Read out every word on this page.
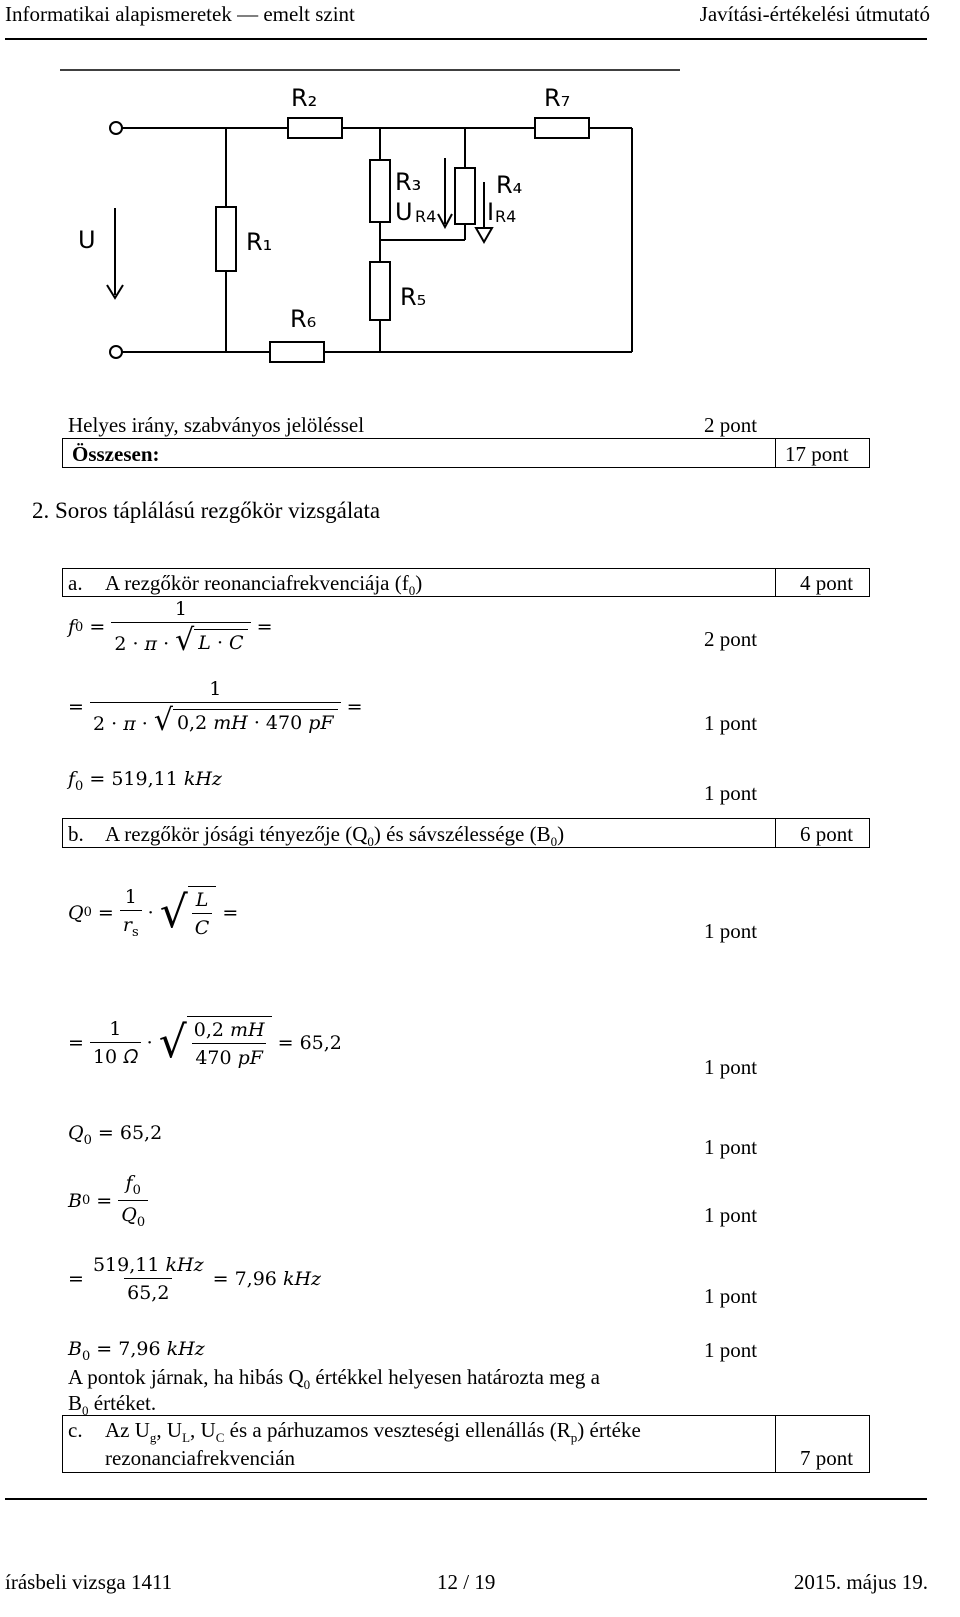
Informatikai alapismeretek — emelt szint	Javítási-értékelési útmutató
R₂	R₇
R₃	R₄
R₁
R₅
R₆
U
U R4 I R4
Helyes irány, szabványos jelöléssel	2 pont
Összesen:	17 pont
2. Soros táplálású rezgőkör vizsgálata
a. A rezgőkör reonanciafrekvenciája $(f_0)$	4 pont
f $0 = \frac{1}{2 \cdot \pi \cdot √ L \cdot C}$ =	2 pont
= $\frac{1}{\text{2 · π · √ 0,2 𝑚𝐻 · 470 𝑝𝐹}}$ =
1 pont
$f_0 = 519,11$ 𝑘𝐻𝑧
1 pont
b. A rezgőkör jósági tényezője $(Q_0)$ és sávszélessége $(B_0)$	6 pont
Q $0 = \frac{1}{r_s}$ · √ $\frac{L}{C}$ =
1 pont
= $\frac{1}{\text{10 𝛺}}$ · √ $\frac{\text{0,2 𝑚𝐻}}{\text{470 𝑝𝐹}} = 65,2$
1 pont
$Q_0 = 65,2$
1 pont
B $0 = \frac{f_0}{Q_0}$	1 pont
= $\frac{\text{519,11 𝑘𝐻𝑧}}{65,2} = 7,96$ 𝑘𝐻𝑧
1 pont
$B_0 = 7,96$ 𝑘𝐻𝑧	1 pont
A pontok járnak, ha hibás $Q_0$ értékkel helyesen határozta meg a
$B_0$ értéket.
c. Az $U_g$, $U_L$, $U_C$ és a párhuzamos veszteségi ellenállás $(R_p)$ értéke
rezonanciafrekvencián	7 pont
írásbeli vizsga 1411	12 / 19	2015. május 19.
